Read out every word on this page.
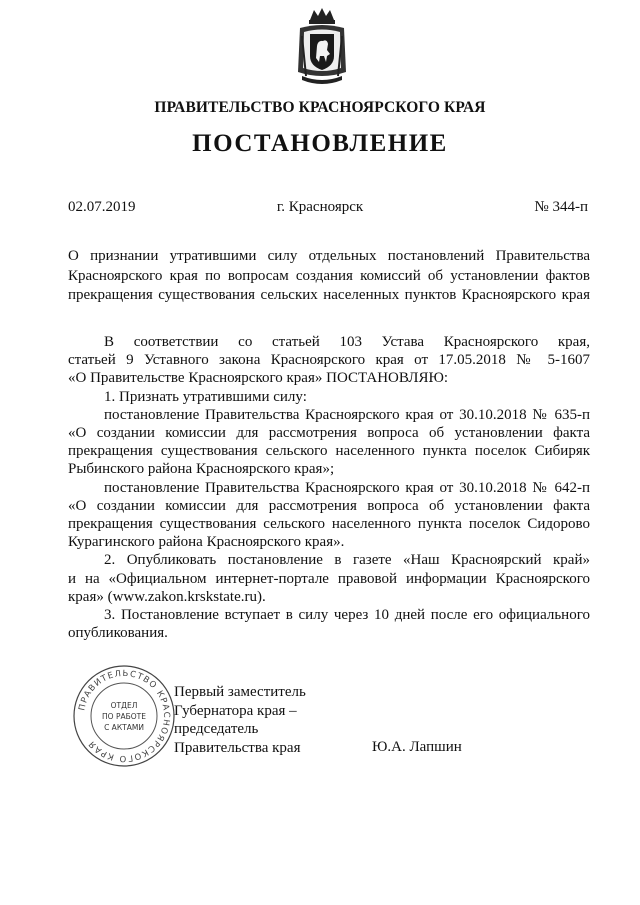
ПРАВИТЕЛЬСТВО КРАСНОЯРСКОГО КРАЯ
ПОСТАНОВЛЕНИЕ
02.07.2019	г. Красноярск	№ 344-п
О признании утратившими силу отдельных постановлений Правительства
Красноярского края по вопросам создания комиссий об установлении фактов
прекращения существования сельских населенных пунктов Красноярского края
В соответствии со статьей 103 Устава Красноярского края,
статьей 9 Уставного закона Красноярского края от 17.05.2018 № 5-1607
«О Правительстве Красноярского края» ПОСТАНОВЛЯЮ:
1. Признать утратившими силу:
постановление Правительства Красноярского края от 30.10.2018 № 635-п
«О создании комиссии для рассмотрения вопроса об установлении факта
прекращения существования сельского населенного пункта поселок Сибиряк
Рыбинского района Красноярского края»;
постановление Правительства Красноярского края от 30.10.2018 № 642-п
«О создании комиссии для рассмотрения вопроса об установлении факта
прекращения существования сельского населенного пункта поселок Сидорово
Курагинского района Красноярского края».
2. Опубликовать постановление в газете «Наш Красноярский край»
и на «Официальном интернет-портале правовой информации Красноярского
края» (www.zakon.krskstate.ru).
3. Постановление вступает в силу через 10 дней после его официального
опубликования.
ПРАВИТЕЛЬСТВО КРАСНОЯРСКОГО КРАЯ
ОТДЕЛ
ПО РАБОТЕ
С АКТАМИ
Первый заместитель
Губернатора края –
председатель
Правительства края	Ю.А. Лапшин
